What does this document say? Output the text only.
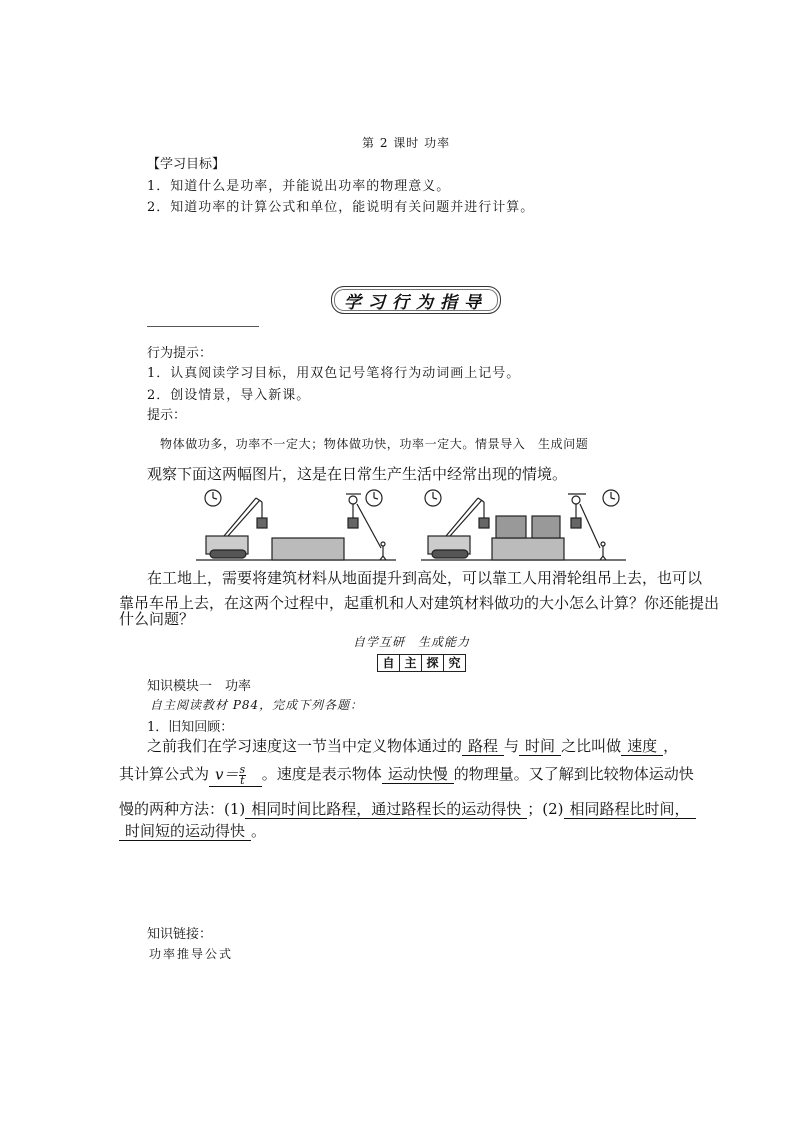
第 2 课时 功率
【学习目标】
1．知道什么是功率，并能说出功率的物理意义。
2．知道功率的计算公式和单位，能说明有关问题并进行计算。
学习行为指导
行为提示：
1．认真阅读学习目标，用双色记号笔将行为动词画上记号。
2．创设情景，导入新课。
提示：
物体做功多，功率不一定大；物体做功快，功率一定大。情景导入　生成问题
观察下面这两幅图片，这是在日常生产生活中经常出现的情境。
在工地上，需要将建筑材料从地面提升到高处，可以靠工人用滑轮组吊上去，也可以
靠吊车吊上去，在这两个过程中，起重机和人对建筑材料做功的大小怎么计算？你还能提出
什么问题？
自学互研　生成能力
自 主 探 究
知识模块一　功率
自主阅读教材 P84，完成下列各题：
1．旧知回顾：
之前我们在学习速度这一节当中定义物体通过的 路程 与 时间 之比叫做 速度 ，
其计算公式为 $v= \frac{s}{t}$ 。速度是表示物体 运动快慢 的物理量。又了解到比较物体运动快
慢的两种方法：(1) 相同时间比路程，通过路程长的运动得快 ；(2) 相同路程比时间，
时间短的运动得快 。
知识链接：
功率推导公式
